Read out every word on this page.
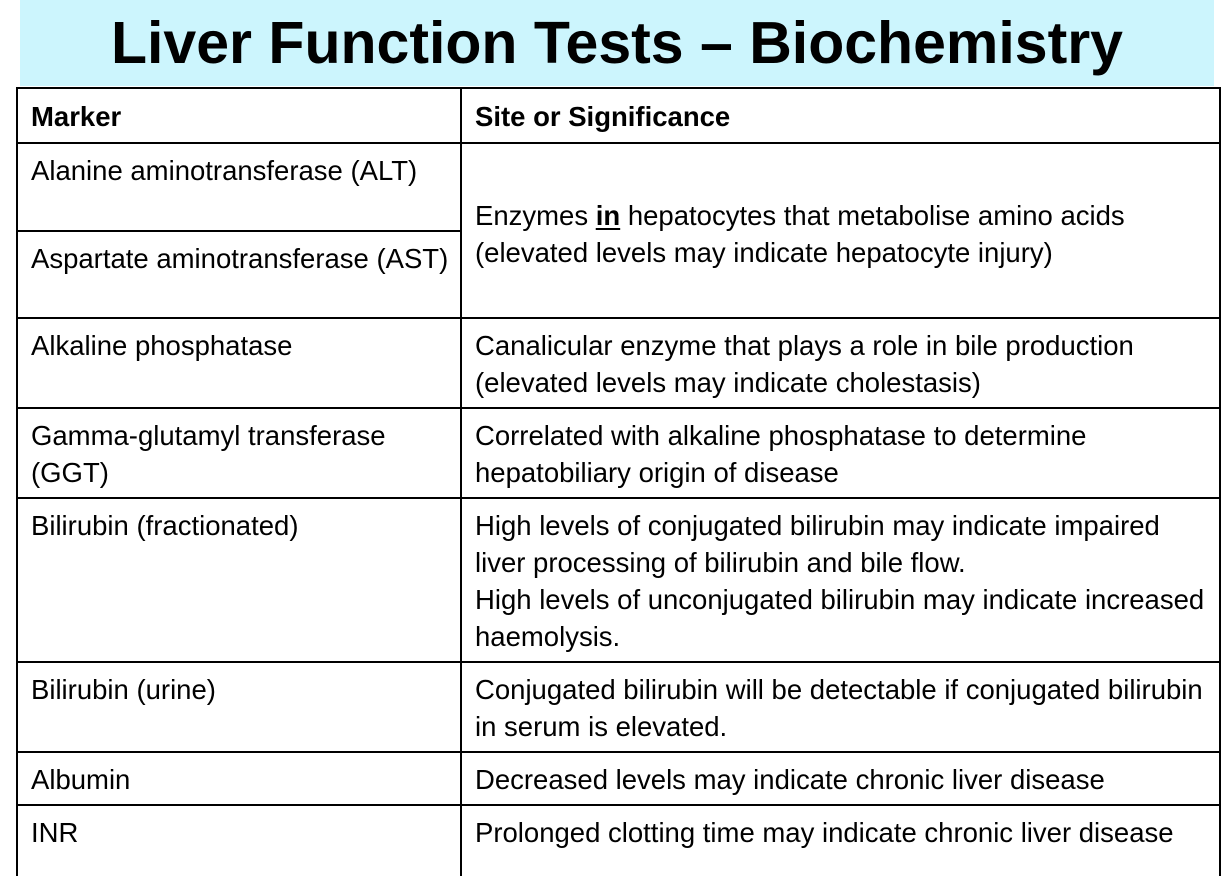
Liver Function Tests – Biochemistry
Marker	Site or Significance
Alanine aminotransferase (ALT)	Enzymes in hepatocytes that metabolise amino acids (elevated levels may indicate hepatocyte injury)
Aspartate aminotransferase (AST)	
Alkaline phosphatase	Canalicular enzyme that plays a role in bile production (elevated levels may indicate cholestasis)
Gamma-glutamyl transferase (GGT)	Correlated with alkaline phosphatase to determine hepatobiliary origin of disease
Bilirubin (fractionated)	High levels of conjugated bilirubin may indicate impaired liver processing of bilirubin and bile flow.
High levels of unconjugated bilirubin may indicate increased haemolysis.

Bilirubin (urine)	Conjugated bilirubin will be detectable if conjugated bilirubin in serum is elevated.
Albumin	Decreased levels may indicate chronic liver disease
INR	Prolonged clotting time may indicate chronic liver disease
